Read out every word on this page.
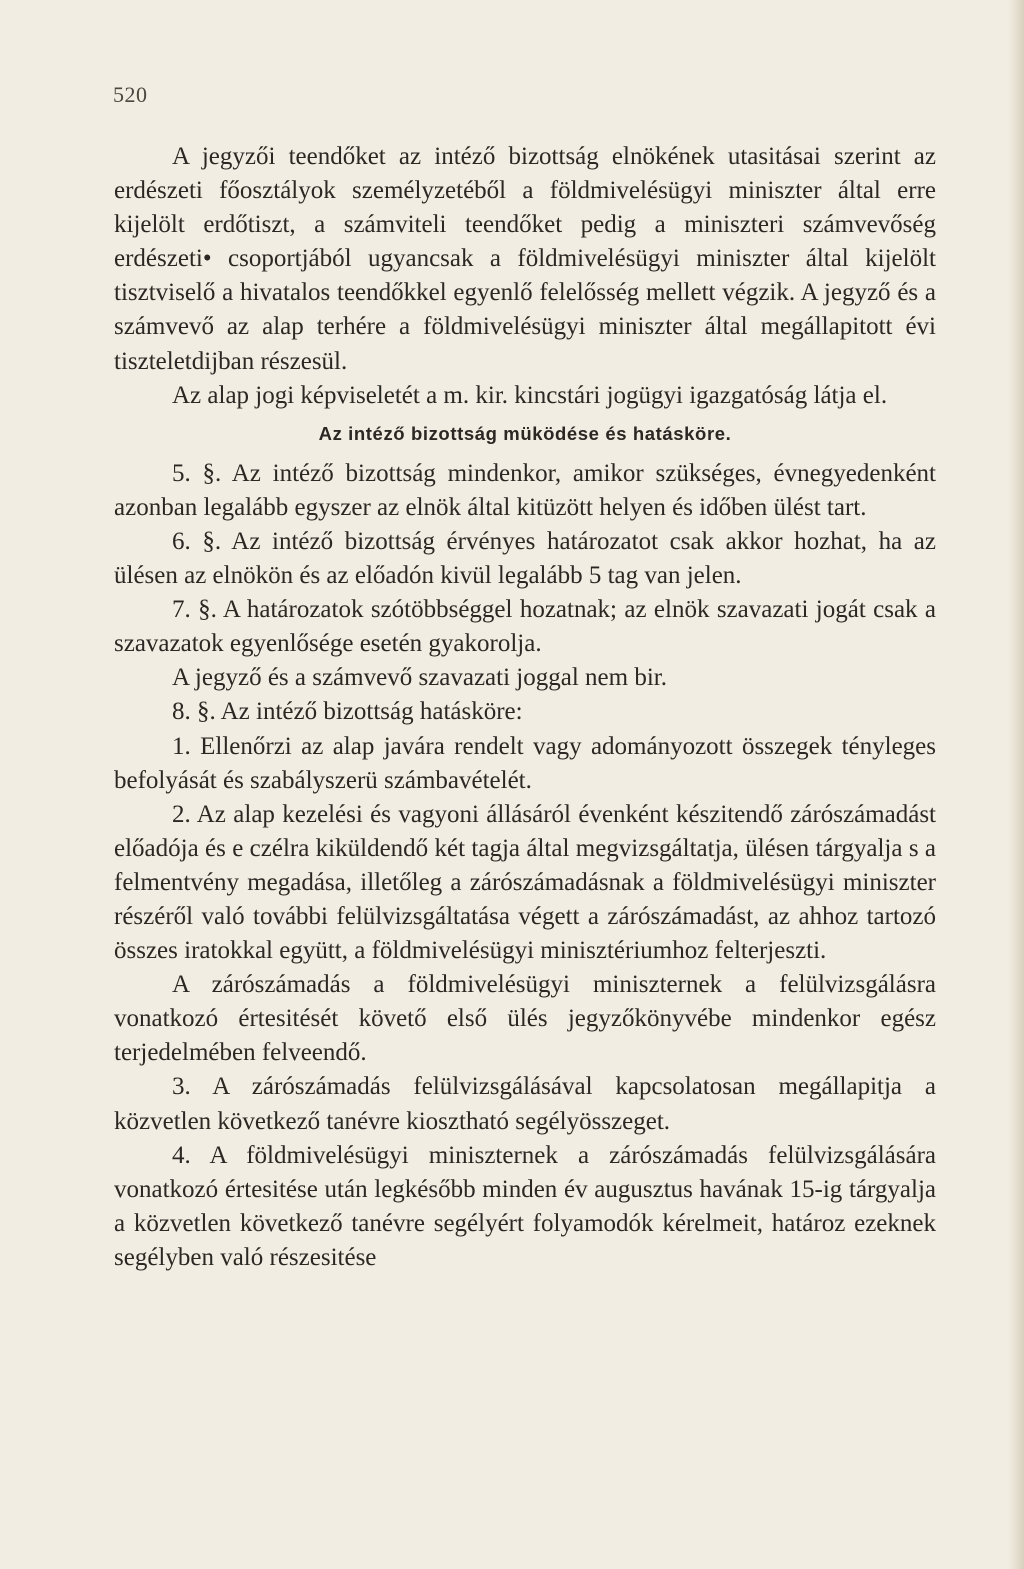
520

A jegyzői teendőket az intéző bizottság elnökének utasitásai szerint az erdészeti főosztályok személyzetéből a földmivelésügyi miniszter által erre kijelölt erdőtiszt, a számviteli teendőket pedig a miniszteri számvevőség erdészeti• csoportjából ugyancsak a földmivelésügyi miniszter által kijelölt tisztviselő a hivatalos teendőkkel egyenlő felelősség mellett végzik. A jegyző és a számvevő az alap terhére a földmivelésügyi miniszter által megállapitott évi tiszteletdijban részesül.

Az alap jogi képviseletét a m. kir. kincstári jogügyi igazgatóság látja el.

Az intéző bizottság müködése és hatásköre.

5. §. Az intéző bizottság mindenkor, amikor szükséges, évnegyedenként azonban legalább egyszer az elnök által kitüzött helyen és időben ülést tart.

6. §. Az intéző bizottság érvényes határozatot csak akkor hozhat, ha az ülésen az elnökön és az előadón kivül legalább 5 tag van jelen.

7. §. A határozatok szótöbbséggel hozatnak; az elnök szavazati jogát csak a szavazatok egyenlősége esetén gyakorolja.

A jegyző és a számvevő szavazati joggal nem bir.

8. §. Az intéző bizottság hatásköre:

1. Ellenőrzi az alap javára rendelt vagy adományozott összegek tényleges befolyását és szabályszerü számbavételét.

2. Az alap kezelési és vagyoni állásáról évenként készitendő zárószámadást előadója és e czélra kiküldendő két tagja által megvizsgáltatja, ülésen tárgyalja s a felmentvény megadása, illetőleg a zárószámadásnak a földmivelésügyi miniszter részéről való további felülvizsgáltatása végett a zárószámadást, az ahhoz tartozó összes iratokkal együtt, a földmivelésügyi minisztériumhoz felterjeszti.

A zárószámadás a földmivelésügyi miniszternek a felülvizsgálásra vonatkozó értesitését követő első ülés jegyzőkönyvébe mindenkor egész terjedelmében felveendő.

3. A zárószámadás felülvizsgálásával kapcsolatosan megállapitja a közvetlen következő tanévre kiosztható segélyösszeget.

4. A földmivelésügyi miniszternek a zárószámadás felülvizsgálására vonatkozó értesitése után legkésőbb minden év augusztus havának 15-ig tárgyalja a közvetlen következő tanévre segélyért folyamodók kérelmeit, határoz ezeknek segélyben való részesitése
